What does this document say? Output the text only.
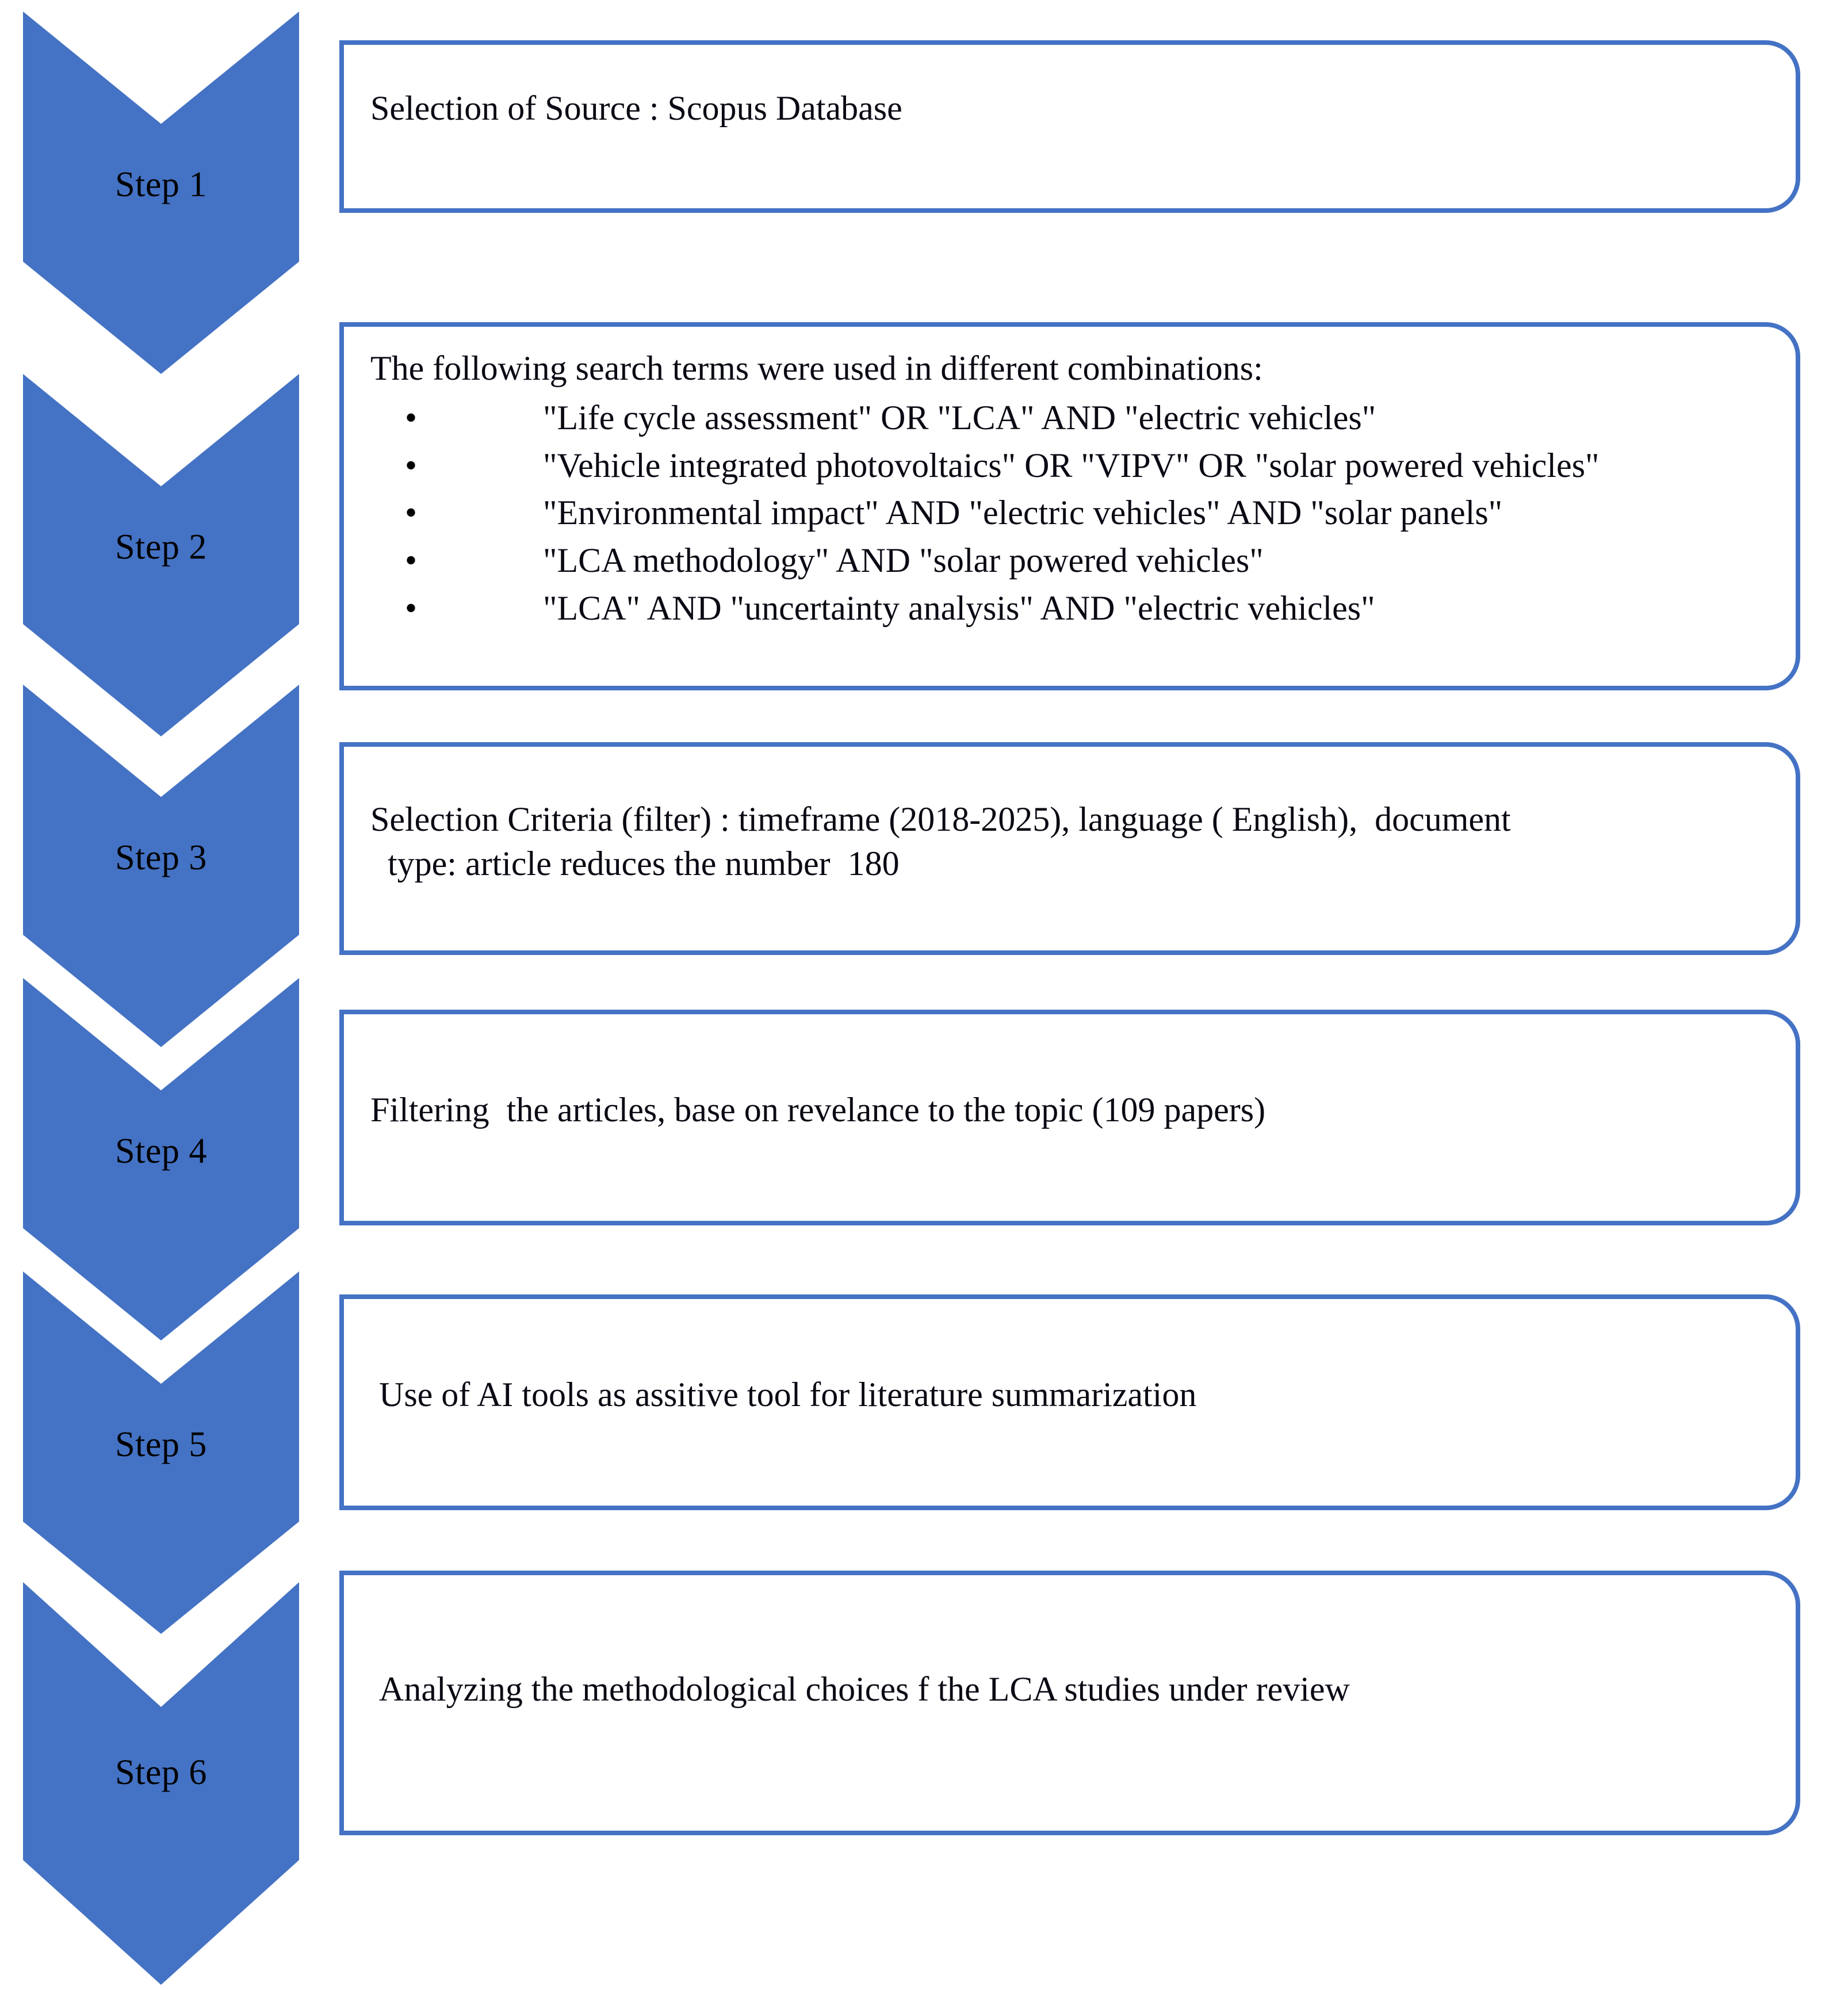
Step 1
Step 2
Step 3
Step 4
Step 5
Step 6
Selection of Source : Scopus Database
The following search terms were used in different combinations:
•	"Life cycle assessment" OR "LCA" AND "electric vehicles"
•	"Vehicle integrated photovoltaics" OR "VIPV" OR "solar powered vehicles"
•	"Environmental impact" AND "electric vehicles" AND "solar panels"
•	"LCA methodology" AND "solar powered vehicles"
•	"LCA" AND "uncertainty analysis" AND "electric vehicles"
Selection Criteria (filter) : timeframe (2018-2025), language ( English),  document
type: article reduces the number  180
Filtering  the articles, base on revelance to the topic (109 papers)
Use of AI tools as assitive tool for literature summarization
Analyzing the methodological choices f the LCA studies under review
